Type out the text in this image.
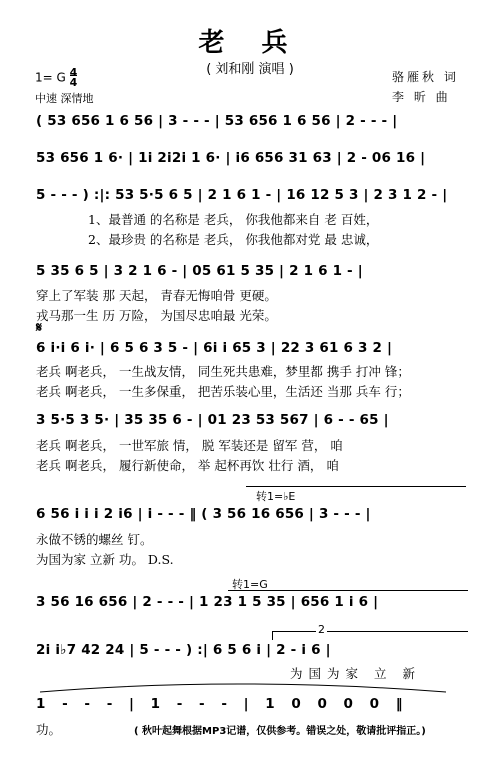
老 兵
( 刘和刚 演唱 )
1= G 4
4
中速 深情地
骆雁秋 词
李 昕 曲
( 53 656 1 6 56 | 3 - - - | 53 656 1 6 56 | 2 - - - |
53 656 1 6· | 1i 2i2i 1 6· | i6 656 31 63 | 2 - 06 16 |
5 - - - ) :|: 53 5·5 6 5 | 2 1 6 1 - | 16 12 5 3 | 2 3 1 2 - |
1、最普通 的名称是 老兵， 你我他都来自 老 百姓，
2、最珍贵 的名称是 老兵， 你我他都对党 最 忠诚，
5 35 6 5 | 3 2 1 6 - | 05 61 5 35 | 2 1 6 1 - |
穿上了军装 那 天起， 青春无悔咱骨 更硬。
戎马那一生 历 万险， 为国尽忠咱最 光荣。
𝄋
6 i·i 6 i· | 6 5 6 3 5 - | 6i i 65 3 | 22 3 61 6 3 2 |
老兵 啊老兵， 一生战友情， 同生死共患难，梦里都 携手 打冲 锋；
老兵 啊老兵， 一生多保重， 把苦乐装心里，生活还 当那 兵车 行；
3 5·5 3 5· | 35 35 6 - | 01 23 53 567 | 6 - - 65 |
老兵 啊老兵， 一世军旅 情， 脱 军装还是 留军 营， 咱
老兵 啊老兵， 履行新使命， 举 起杯再饮 壮行 酒， 咱
转1=♭E
6 56 i i i 2 i6 | i - - - ‖ ( 3 56 16 656 | 3 - - - |
永做不锈的螺丝 钉。
为国为家 立新 功。 D.S.
转1=G
3 56 16 656 | 2 - - - | 1 23 1 5 35 | 656 1 i 6 |
2
2i i♭7 42 24 | 5 - - - ) :| 6 5 6 i | 2 - i 6 |
为国为家 立 新
1 - - - | 1 - - - | 1 0 0 0 0 ‖
功。	( 秋叶起舞根据MP3记谱，仅供参考。错误之处，敬请批评指正。)
